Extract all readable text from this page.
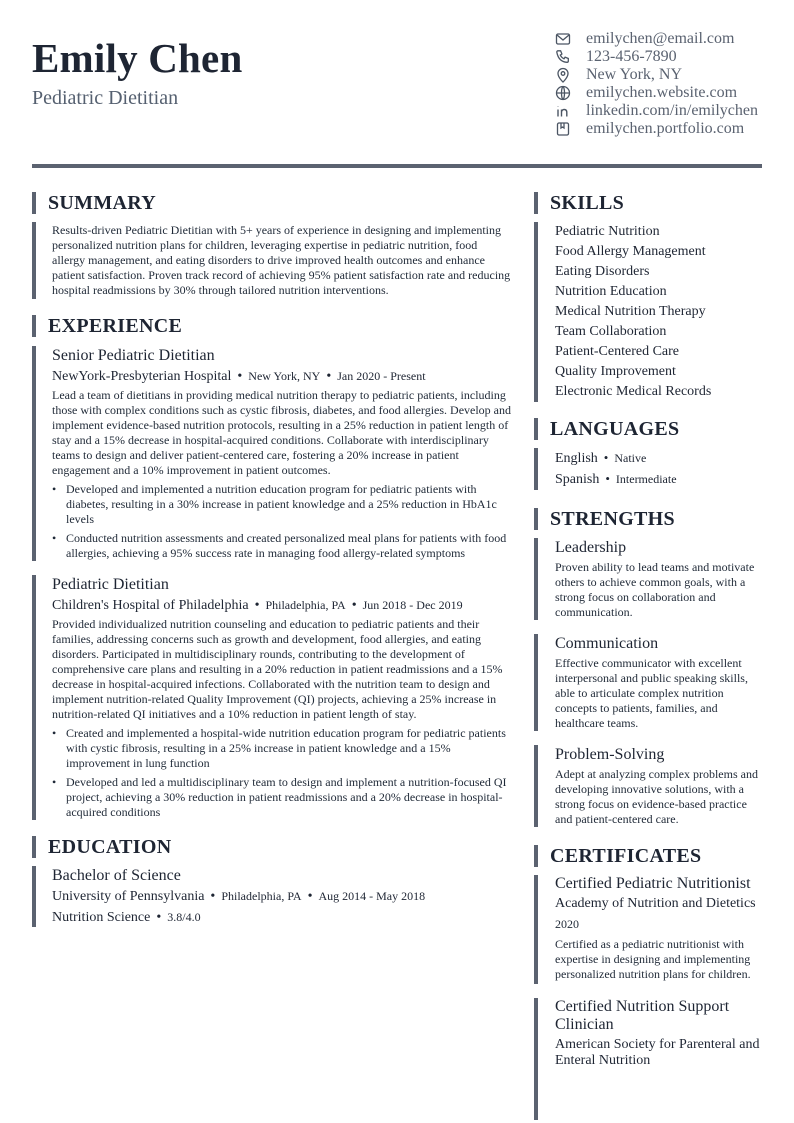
Emily Chen
Pediatric Dietitian
emilychen@email.com
123-456-7890
New York, NY
emilychen.website.com
linkedin.com/in/emilychen
emilychen.portfolio.com
SUMMARY
Results-driven Pediatric Dietitian with 5+ years of experience in designing and implementing personalized nutrition plans for children, leveraging expertise in pediatric nutrition, food allergy management, and eating disorders to drive improved health outcomes and enhance patient satisfaction. Proven track record of achieving 95% patient satisfaction rate and reducing hospital readmissions by 30% through tailored nutrition interventions.
EXPERIENCE
Senior Pediatric Dietitian
NewYork-Presbyterian Hospital • New York, NY • Jan 2020 - Present
Lead a team of dietitians in providing medical nutrition therapy to pediatric patients, including those with complex conditions such as cystic fibrosis, diabetes, and food allergies. Develop and implement evidence-based nutrition protocols, resulting in a 25% reduction in patient length of stay and a 15% decrease in hospital-acquired conditions. Collaborate with interdisciplinary teams to design and deliver patient-centered care, fostering a 20% increase in patient engagement and a 10% improvement in patient outcomes.
• Developed and implemented a nutrition education program for pediatric patients with diabetes, resulting in a 30% increase in patient knowledge and a 25% reduction in HbA1c levels
• Conducted nutrition assessments and created personalized meal plans for patients with food allergies, achieving a 95% success rate in managing food allergy-related symptoms
Pediatric Dietitian
Children's Hospital of Philadelphia • Philadelphia, PA • Jun 2018 - Dec 2019
Provided individualized nutrition counseling and education to pediatric patients and their families, addressing concerns such as growth and development, food allergies, and eating disorders. Participated in multidisciplinary rounds, contributing to the development of comprehensive care plans and resulting in a 20% reduction in patient readmissions and a 15% decrease in hospital-acquired infections. Collaborated with the nutrition team to design and implement nutrition-related Quality Improvement (QI) projects, achieving a 25% increase in nutrition-related QI initiatives and a 10% reduction in patient length of stay.
• Created and implemented a hospital-wide nutrition education program for pediatric patients with cystic fibrosis, resulting in a 25% increase in patient knowledge and a 15% improvement in lung function
• Developed and led a multidisciplinary team to design and implement a nutrition-focused QI project, achieving a 30% reduction in patient readmissions and a 20% decrease in hospital-acquired conditions
EDUCATION
Bachelor of Science
University of Pennsylvania • Philadelphia, PA • Aug 2014 - May 2018
Nutrition Science • 3.8/4.0
SKILLS
Pediatric Nutrition
Food Allergy Management
Eating Disorders
Nutrition Education
Medical Nutrition Therapy
Team Collaboration
Patient-Centered Care
Quality Improvement
Electronic Medical Records
LANGUAGES
English • Native
Spanish • Intermediate
STRENGTHS
Leadership
Proven ability to lead teams and motivate others to achieve common goals, with a strong focus on collaboration and communication.
Communication
Effective communicator with excellent interpersonal and public speaking skills, able to articulate complex nutrition concepts to patients, families, and healthcare teams.
Problem-Solving
Adept at analyzing complex problems and developing innovative solutions, with a strong focus on evidence-based practice and patient-centered care.
CERTIFICATES
Certified Pediatric Nutritionist
Academy of Nutrition and Dietetics
2020
Certified as a pediatric nutritionist with expertise in designing and implementing personalized nutrition plans for children.
Certified Nutrition Support Clinician
American Society for Parenteral and Enteral Nutrition
